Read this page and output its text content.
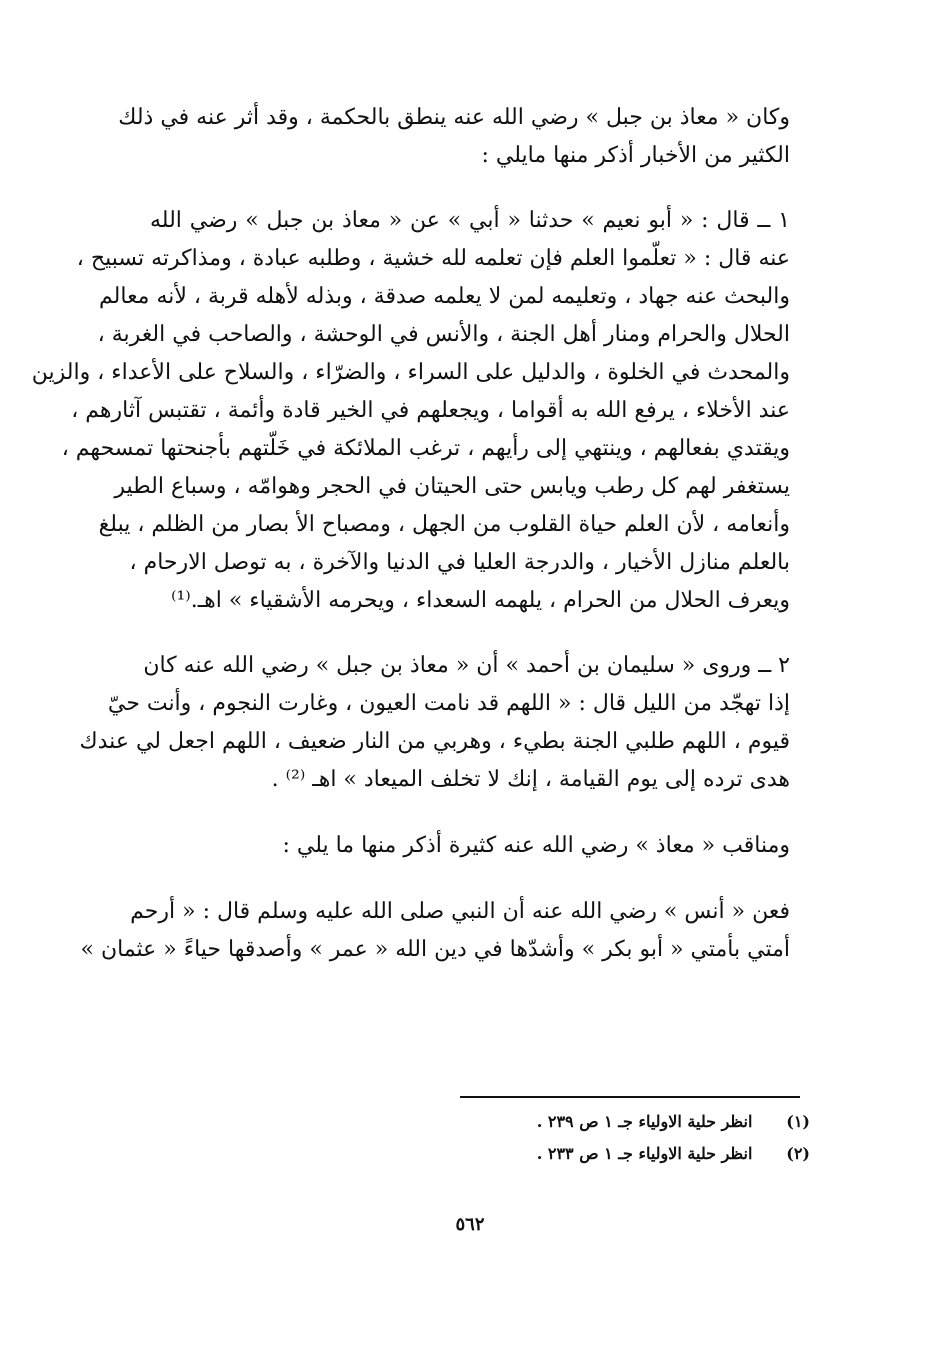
وكان « معاذ بن جبل » رضي الله عنه ينطق بالحكمة ، وقد أثر عنه في ذلك
الكثير من الأخبار أذكر منها مايلي :
١ ــ قال : « أبو نعيم » حدثنا « أبي » عن « معاذ بن جبل » رضي الله
عنه قال : « تعلّموا العلم فإن تعلمه لله خشية ، وطلبه عبادة ، ومذاكرته تسبيح ،
والبحث عنه جهاد ، وتعليمه لمن لا يعلمه صدقة ، وبذله لأهله قربة ، لأنه معالم
الحلال والحرام ومنار أهل الجنة ، والأنس في الوحشة ، والصاحب في الغربة ،
والمحدث في الخلوة ، والدليل على السراء ، والضرّاء ، والسلاح على الأعداء ، والزين
عند الأخلاء ، يرفع الله به أقواما ، ويجعلهم في الخير قادة وأئمة ، تقتبس آثارهم ،
ويقتدي بفعالهم ، وينتهي إلى رأيهم ، ترغب الملائكة في خَلّتهم بأجنحتها تمسحهم ،
يستغفر لهم كل رطب ويابس حتى الحيتان في الحجر وهوامّه ، وسباع الطير
وأنعامه ، لأن العلم حياة القلوب من الجهل ، ومصباح الأ بصار من الظلم ، يبلغ
بالعلم منازل الأخيار ، والدرجة العليا في الدنيا والآخرة ، به توصل الارحام ،
ويعرف الحلال من الحرام ، يلهمه السعداء ، ويحرمه الأشقياء » اهـ.⁽¹⁾
٢ ــ وروى « سليمان بن أحمد » أن « معاذ بن جبل » رضي الله عنه كان
إذا تهجّد من الليل قال : « اللهم قد نامت العيون ، وغارت النجوم ، وأنت حيّ
قيوم ، اللهم طلبي الجنة بطيء ، وهربي من النار ضعيف ، اللهم اجعل لي عندك
هدى ترده إلى يوم القيامة ، إنك لا تخلف الميعاد » اهـ ⁽²⁾ .
ومناقب « معاذ » رضي الله عنه كثيرة أذكر منها ما يلي :
فعن « أنس » رضي الله عنه أن النبي صلى الله عليه وسلم قال : « أرحم
أمتي بأمتي « أبو بكر » وأشدّها في دين الله « عمر » وأصدقها حياءً « عثمان »
(١) انظر حلية الاولياء جـ ١ ص ٢٣٩ .
(٢) انظر حلية الاولياء جـ ١ ص ٢٣٣ .
٥٦٢
